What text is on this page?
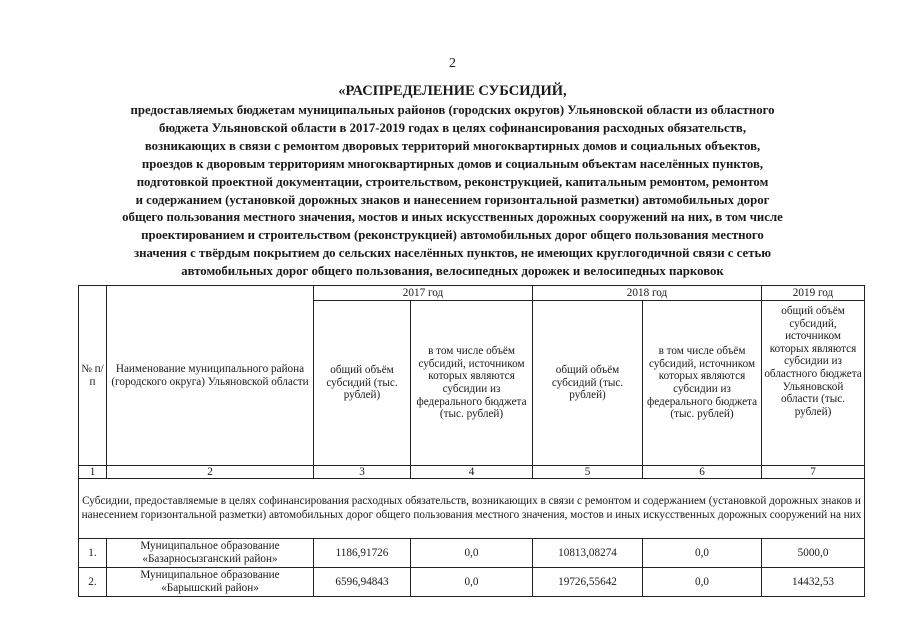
2
«РАСПРЕДЕЛЕНИЕ СУБСИДИЙ,
предоставляемых бюджетам муниципальных районов (городских округов) Ульяновской области из областного
бюджета Ульяновской области в 2017-2019 годах в целях софинансирования расходных обязательств,
возникающих в связи с ремонтом дворовых территорий многоквартирных домов и социальных объектов,
проездов к дворовым территориям многоквартирных домов и социальным объектам населённых пунктов,
подготовкой проектной документации, строительством, реконструкцией, капитальным ремонтом, ремонтом
и содержанием (установкой дорожных знаков и нанесением горизонтальной разметки) автомобильных дорог
общего пользования местного значения, мостов и иных искусственных дорожных сооружений на них, в том числе
проектированием и строительством (реконструкцией) автомобильных дорог общего пользования местного
значения с твёрдым покрытием до сельских населённых пунктов, не имеющих круглогодичной связи с сетью
автомобильных дорог общего пользования, велосипедных дорожек и велосипедных парковок
№ п/п	Наименование муниципального района (городского округа) Ульяновской области	2017 год		2018 год		2019 год
		общий объём субсидий (тыс. рублей)	в том числе объём субсидий, источником которых являются субсидии из федерального бюджета (тыс. рублей)	общий объём субсидий (тыс. рублей)	в том числе объём субсидий, источником которых являются субсидии из федерального бюджета (тыс. рублей)	общий объём субсидий, источником которых являются субсидии из областного бюджета Ульяновской области (тыс. рублей)
1	2	3	4	5	6	7
Субсидии, предоставляемые в целях софинансирования расходных обязательств, возникающих в связи с ремонтом и содержанием (установкой дорожных знаков и нанесением горизонтальной разметки) автомобильных дорог общего пользования местного значения, мостов и иных искусственных дорожных сооружений на них						
1.	Муниципальное образование «Базарносызганский район»	1186,91726	0,0	10813,08274	0,0	5000,0
2.	Муниципальное образование «Барышский район»	6596,94843	0,0	19726,55642	0,0	14432,53
